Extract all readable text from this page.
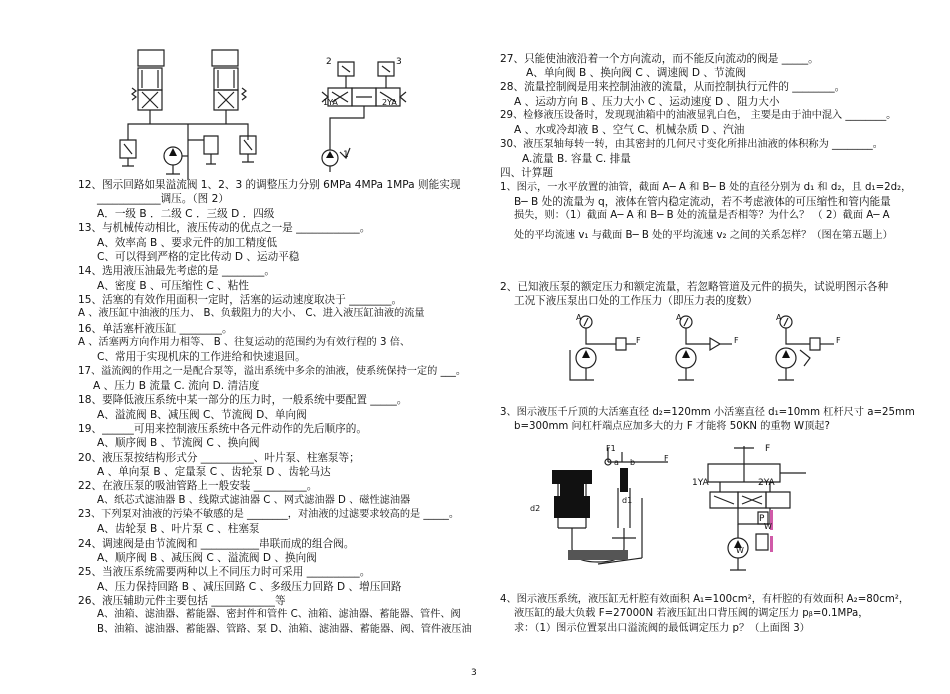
2	3
1YA	2YA
1
12、图示回路如果溢流阀 1、2、3 的调整压力分别 6MPa 4MPa 1MPa 则能实现
____________调压。（图 2）
A．一级 B ．二级 C ．三级 D ．四级
13、与机械传动相比，液压传动的优点之一是 ____________。
A、效率高 B 、要求元件的加工精度低
C、可以得到严格的定比传动 D 、运动平稳
14、选用液压油最先考虑的是 ________。
A、密度 B 、可压缩性 C 、粘性
15、活塞的有效作用面积一定时，活塞的运动速度取决于 ________。
A 、液压缸中油液的压力、 B、负载阻力的大小、 C、进入液压缸油液的流量
16、单活塞杆液压缸 ________。
A 、活塞两方向作用力相等、 B 、往复运动的范围约为有效行程的 3 倍、
C、常用于实现机床的工作进给和快速退回。
17、溢流阀的作用之一是配合泵等，溢出系统中多余的油液，使系统保持一定的 ___。
A 、压力 B 流量 C. 流向 D. 清洁度
18、要降低液压系统中某一部分的压力时，一般系统中要配置 _____。
A、溢流阀 B、减压阀 C、节流阀 D、单向阀
19、______可用来控制液压系统中各元件动作的先后顺序的。
A、顺序阀 B 、节流阀 C 、换向阀
20、液压泵按结构形式分 __________、叶片泵、柱塞泵等；
A 、单向泵 B 、定量泵 C 、齿轮泵 D 、齿轮马达
22、在液压泵的吸油管路上一般安装 __________。
A、纸芯式滤油器 B 、线隙式滤油器 C 、网式滤油器 D 、磁性滤油器
23、下列泵对油液的污染不敏感的是 ________，对油液的过滤要求较高的是 _____。
A、齿轮泵 B 、叶片泵 C 、柱塞泵
24、调速阀是由节流阀和 ___________串联而成的组合阀。
A、顺序阀 B 、减压阀 C 、溢流阀 D 、换向阀
25、当液压系统需要两种以上不同压力时可采用 __________。
A、压力保持回路 B 、减压回路 C 、多级压力回路 D 、增压回路
26、液压辅助元件主要包括 ____________等
A、油箱、滤油器、蓄能器、密封件和管件 C、油箱、滤油器、蓄能器、管件、阀
B、油箱、滤油器、蓄能器、管路、泵 D、油箱、滤油器、蓄能器、阀、管件液压油
27、只能使油液沿着一个方向流动，而不能反向流动的阀是 _____。
A、单向阀 B 、换向阀 C 、调速阀 D 、节流阀
28、流量控制阀是用来控制油液的流量，从而控制执行元件的 ________。
A 、运动方向 B 、压力大小 C 、运动速度 D 、阻力大小
29、检修液压设备时，发现现油箱中的油液显乳白色， 主要是由于油中混入 ________。
A 、水或冷却液 B 、空气 C、机械杂质 D 、汽油
30、液压泵轴每转一转，由其密封的几何尺寸变化所排出油液的体积称为 ________。
A.流量 B. 容量 C. 排量
四、计算题
1、图示，一水平放置的油管，截面 A─ A 和 B─ B 处的直径分别为 d₁ 和 d₂，且 d₁=2d₂，
B─ B 处的流量为 q，液体在管内稳定流动，若不考虑液体的可压缩性和管内能量
损失，则：（1）截面 A─ A 和 B─ B 处的流量是否相等？为什么？ （ 2）截面 A─ A
处的平均流速 v₁ 与截面 B─ B 处的平均流速 v₂ 之间的关系怎样？（图在第五题上）
2、已知液压泵的额定压力和额定流量，若忽略管道及元件的损失，试说明图示各种
工况下液压泵出口处的工作压力（即压力表的度数）
A
F
A
F
A
F
3、图示液压千斤顶的大活塞直径 d₂=120mm 小活塞直径 d₁=10mm 杠杆尺寸 a=25mm
b=300mm 问杠杆端点应加多大的力 F 才能将 50KN 的重物 W顶起?
F1
a b	F
d2
d1
F
1YA	2YA
P
W
W
4、图示液压系统，液压缸无杆腔有效面积 A₁=100cm²，有杆腔的有效面积 A₂=80cm²，
液压缸的最大负载 F=27000N 若液压缸出口背压阀的调定压力 pᵦ=0.1MPa，
求：（1）图示位置泵出口溢流阀的最低调定压力 p？（上面图 3）
3
